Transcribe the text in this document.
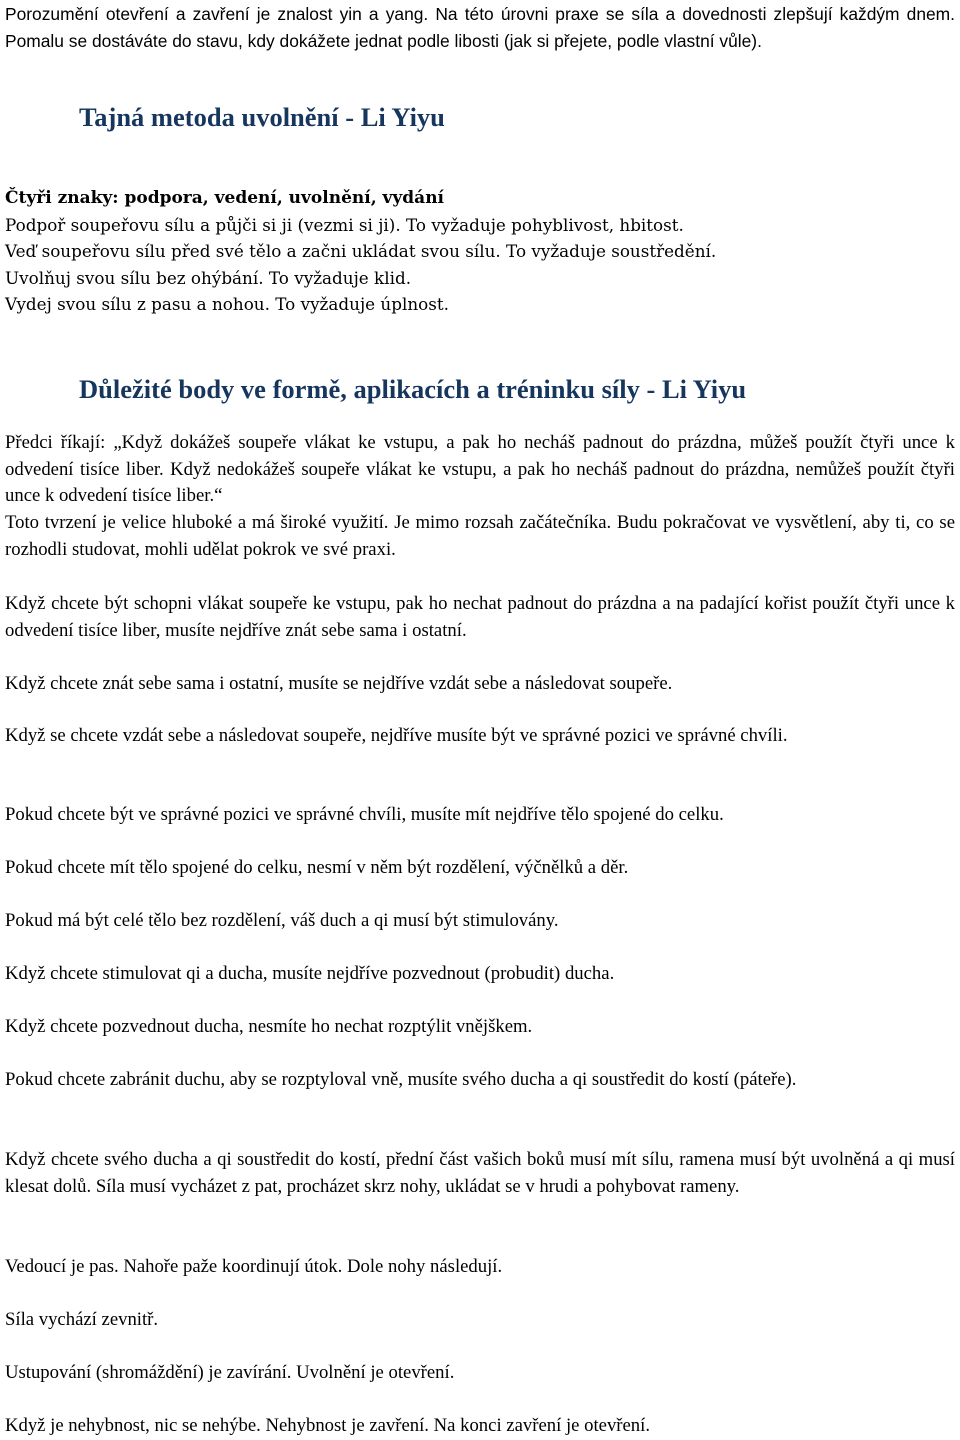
Porozumění otevření a zavření je znalost yin a yang. Na této úrovni praxe se síla a dovednosti zlepšují každým dnem. Pomalu se dostáváte do stavu, kdy dokážete jednat podle libosti (jak si přejete, podle vlastní vůle).

Tajná metoda uvolnění - Li Yiyu
Čtyři znaky: podpora, vedení, uvolnění, vydání
Podpoř soupeřovu sílu a půjči si ji (vezmi si ji). To vyžaduje pohyblivost, hbitost.
Veď soupeřovu sílu před své tělo a začni ukládat svou sílu. To vyžaduje soustředění.
Uvolňuj svou sílu bez ohýbání. To vyžaduje klid.
Vydej svou sílu z pasu a nohou. To vyžaduje úplnost.
Důležité body ve formě, aplikacích a tréninku síly - Li Yiyu

Předci říkají: „Když dokážeš soupeře vlákat ke vstupu, a pak ho necháš padnout do prázdna, můžeš použít čtyři unce k odvedení tisíce liber. Když nedokážeš soupeře vlákat ke vstupu, a pak ho necháš padnout do prázdna, nemůžeš použít čtyři unce k odvedení tisíce liber.“

Toto tvrzení je velice hluboké a má široké využití. Je mimo rozsah začátečníka. Budu pokračovat ve vysvětlení, aby ti, co se rozhodli studovat, mohli udělat pokrok ve své praxi.

Když chcete být schopni vlákat soupeře ke vstupu, pak ho nechat padnout do prázdna a na padající kořist použít čtyři unce k odvedení tisíce liber, musíte nejdříve znát sebe sama i ostatní.

Když chcete znát sebe sama i ostatní, musíte se nejdříve vzdát sebe a následovat soupeře.

Když se chcete vzdát sebe a následovat soupeře, nejdříve musíte být ve správné pozici ve správné chvíli.

Pokud chcete být ve správné pozici ve správné chvíli, musíte mít nejdříve tělo spojené do celku.

Pokud chcete mít tělo spojené do celku, nesmí v něm být rozdělení, výčnělků a děr.

Pokud má být celé tělo bez rozdělení, váš duch a qi musí být stimulovány.

Když chcete stimulovat qi a ducha, musíte nejdříve pozvednout (probudit) ducha.

Když chcete pozvednout ducha, nesmíte ho nechat rozptýlit vnějškem.

Pokud chcete zabránit duchu, aby se rozptyloval vně, musíte svého ducha a qi soustředit do kostí (páteře).

Když chcete svého ducha a qi soustředit do kostí, přední část vašich boků musí mít sílu, ramena musí být uvolněná a qi musí klesat dolů. Síla musí vycházet z pat, procházet skrz nohy, ukládat se v hrudi a pohybovat rameny.

Vedoucí je pas. Nahoře paže koordinují útok. Dole nohy následují.

Síla vychází zevnitř.

Ustupování (shromáždění) je zavírání. Uvolnění je otevření.

Když je nehybnost, nic se nehýbe. Nehybnost je zavření. Na konci zavření je otevření.
